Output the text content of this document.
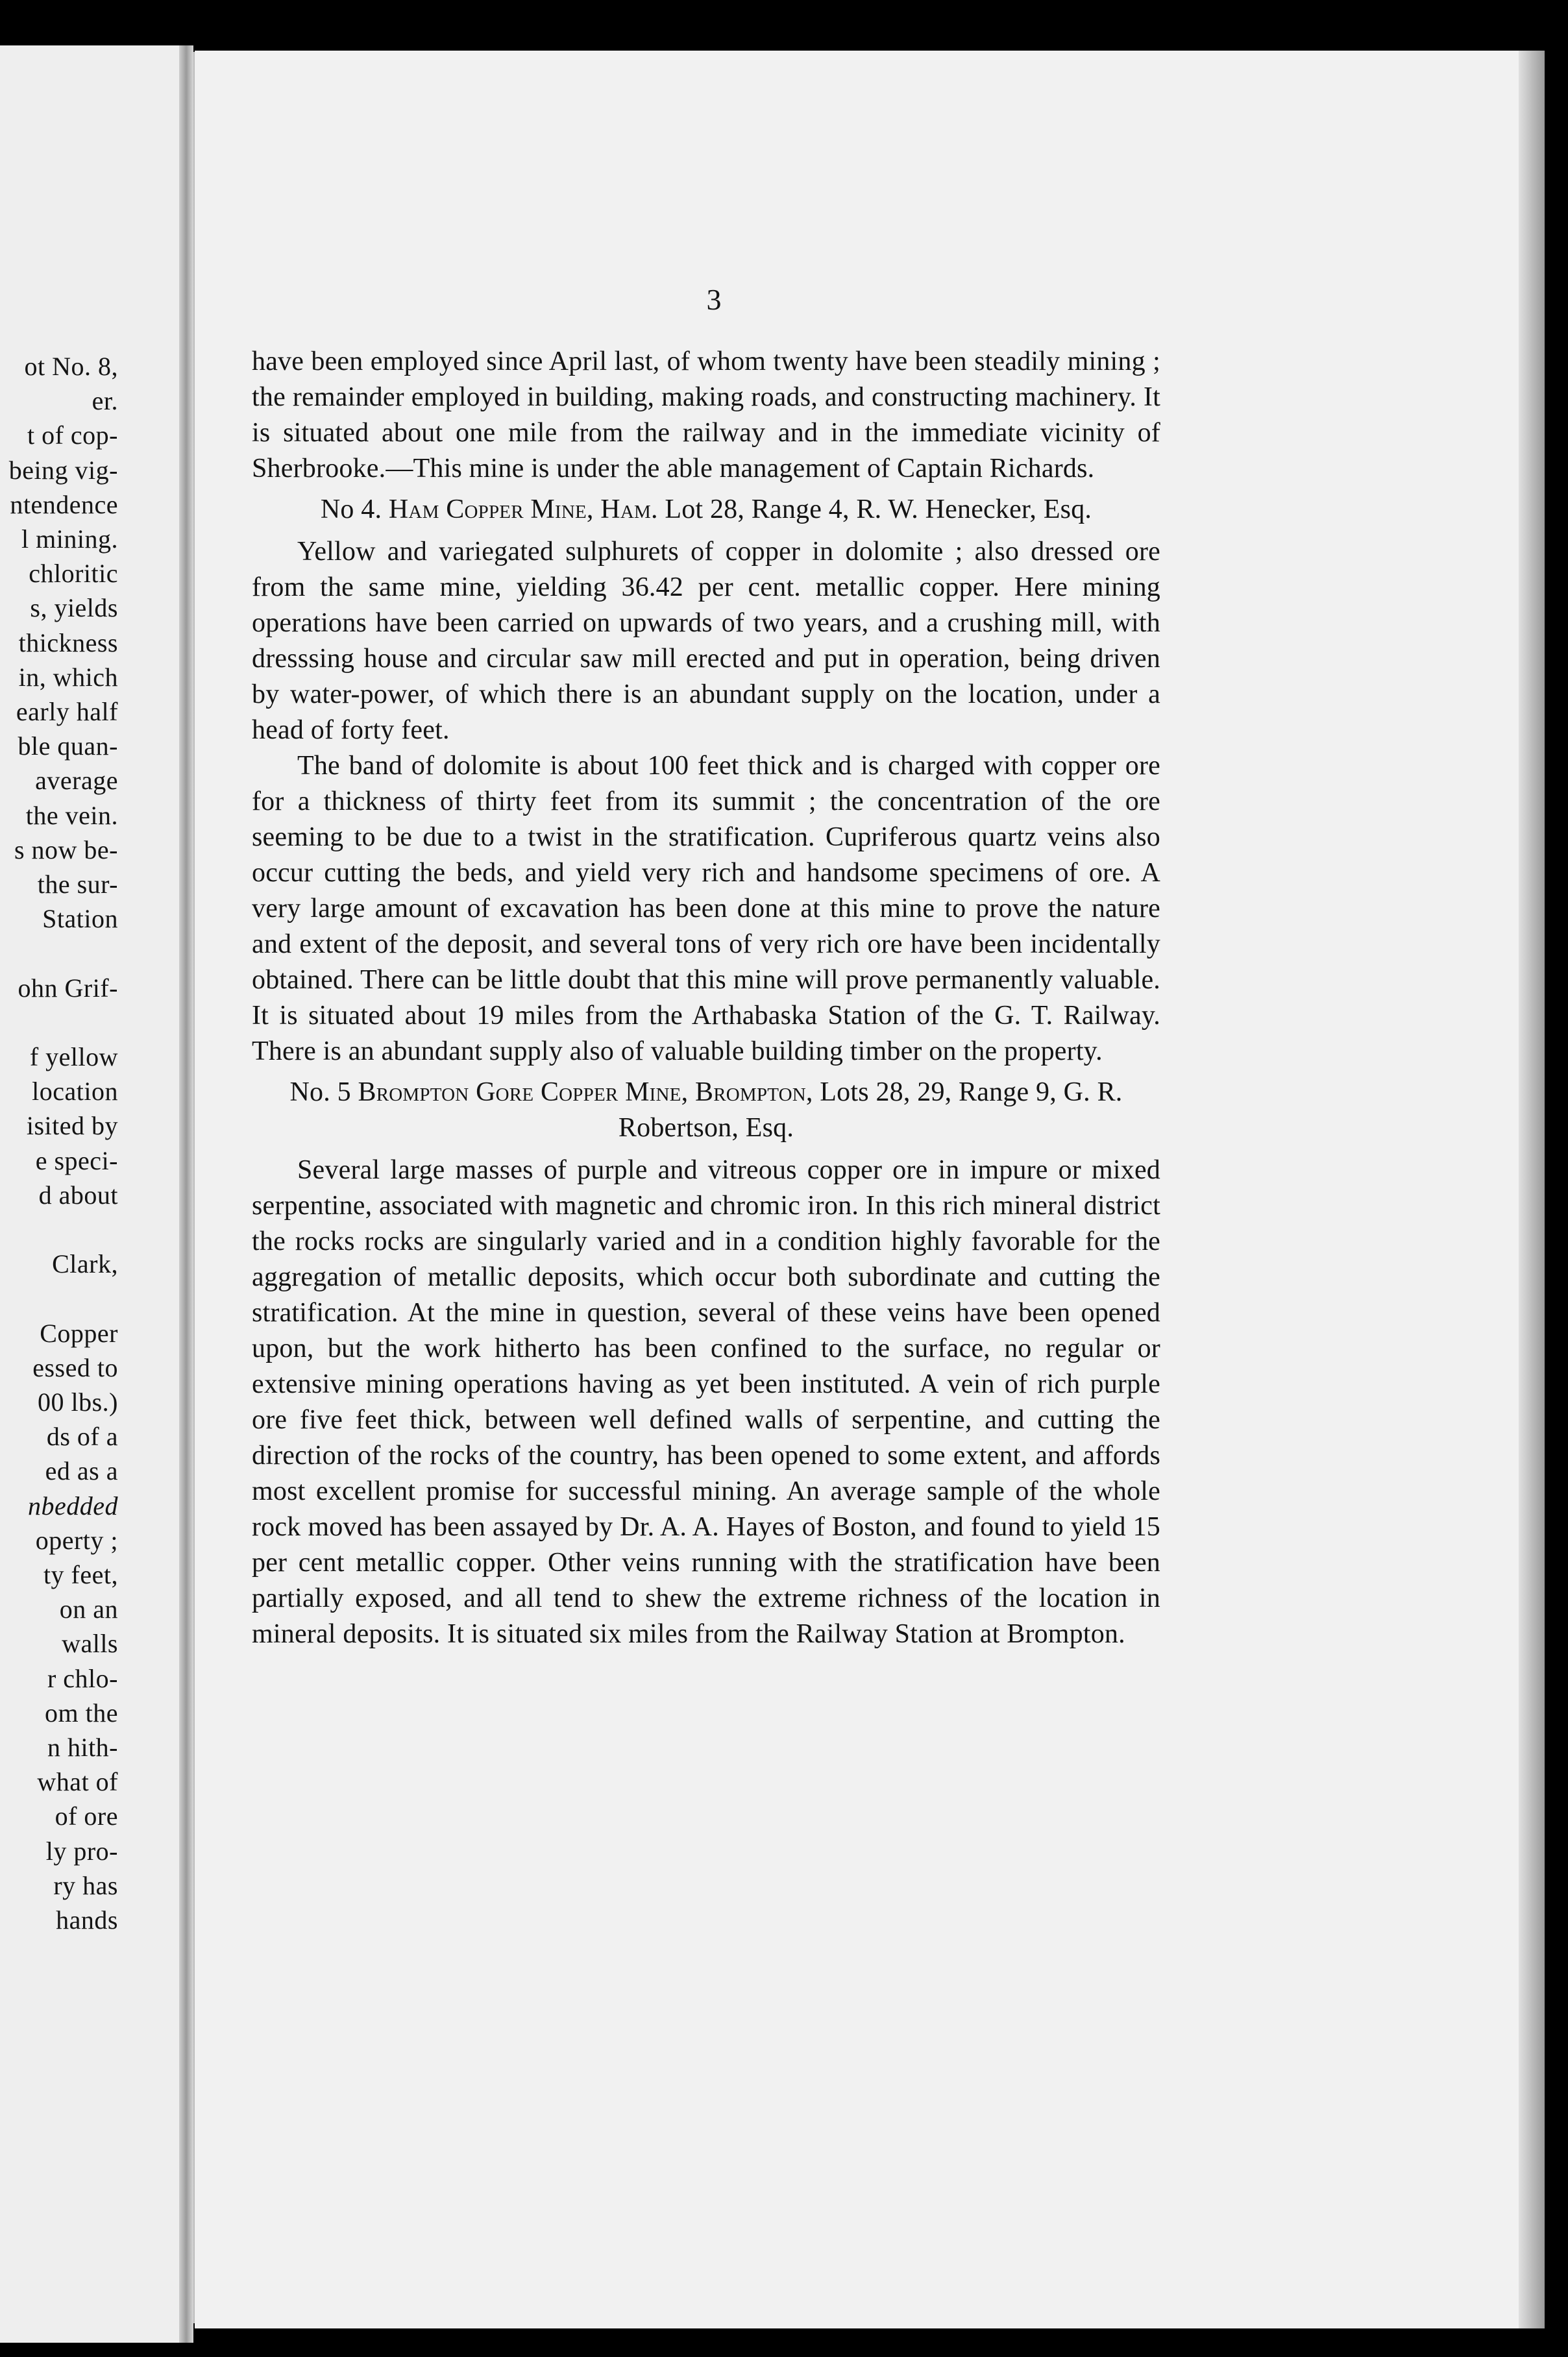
ot No. 8,
er.
t of cop-
being vig-
ntendence
l mining.
chloritic
s, yields
thickness
in, which
early half
ble quan-
average
the vein.
s now be-
the sur-
Station
ohn Grif-
f yellow
location
isited by
e speci-
d about
Clark,
Copper
essed to
00 lbs.)
ds of a
ed as a
nbedded
operty ;
ty feet,
on an
walls
r chlo-
om the
n hith-
what of
of ore
ly pro-
ry has
hands
3

have been employed since April last, of whom twenty have been steadily mining ; the remainder employed in building, making roads, and constructing machinery. It is situated about one mile from the railway and in the immediate vicinity of Sherbrooke.—This mine is under the able management of Captain Richards.

No 4. Ham Copper Mine, Ham. Lot 28, Range 4, R. W. Henecker, Esq.

Yellow and variegated sulphurets of copper in dolomite ; also dressed ore from the same mine, yielding 36.42 per cent. metallic copper. Here mining operations have been carried on upwards of two years, and a crushing mill, with dresssing house and circular saw mill erected and put in operation, being driven by water-power, of which there is an abundant supply on the location, under a head of forty feet.

The band of dolomite is about 100 feet thick and is charged with copper ore for a thickness of thirty feet from its summit ; the concentration of the ore seeming to be due to a twist in the stratification. Cupriferous quartz veins also occur cutting the beds, and yield very rich and handsome specimens of ore. A very large amount of excavation has been done at this mine to prove the nature and extent of the deposit, and several tons of very rich ore have been incidentally obtained. There can be little doubt that this mine will prove permanently valuable. It is situated about 19 miles from the Arthabaska Station of the G. T. Railway. There is an abundant supply also of valuable building timber on the property.

No. 5 Brompton Gore Copper Mine, Brompton, Lots 28, 29, Range 9, G. R. Robertson, Esq.

Several large masses of purple and vitreous copper ore in impure or mixed serpentine, associated with magnetic and chromic iron. In this rich mineral district the rocks rocks are singularly varied and in a condition highly favorable for the aggregation of metallic deposits, which occur both subordinate and cutting the stratification. At the mine in question, several of these veins have been opened upon, but the work hitherto has been confined to the surface, no regular or extensive mining operations having as yet been instituted. A vein of rich purple ore five feet thick, between well defined walls of serpentine, and cutting the direction of the rocks of the country, has been opened to some extent, and affords most excellent promise for successful mining. An average sample of the whole rock moved has been assayed by Dr. A. A. Hayes of Boston, and found to yield 15 per cent metallic copper. Other veins running with the stratification have been partially exposed, and all tend to shew the extreme richness of the location in mineral deposits. It is situated six miles from the Railway Station at Brompton.
